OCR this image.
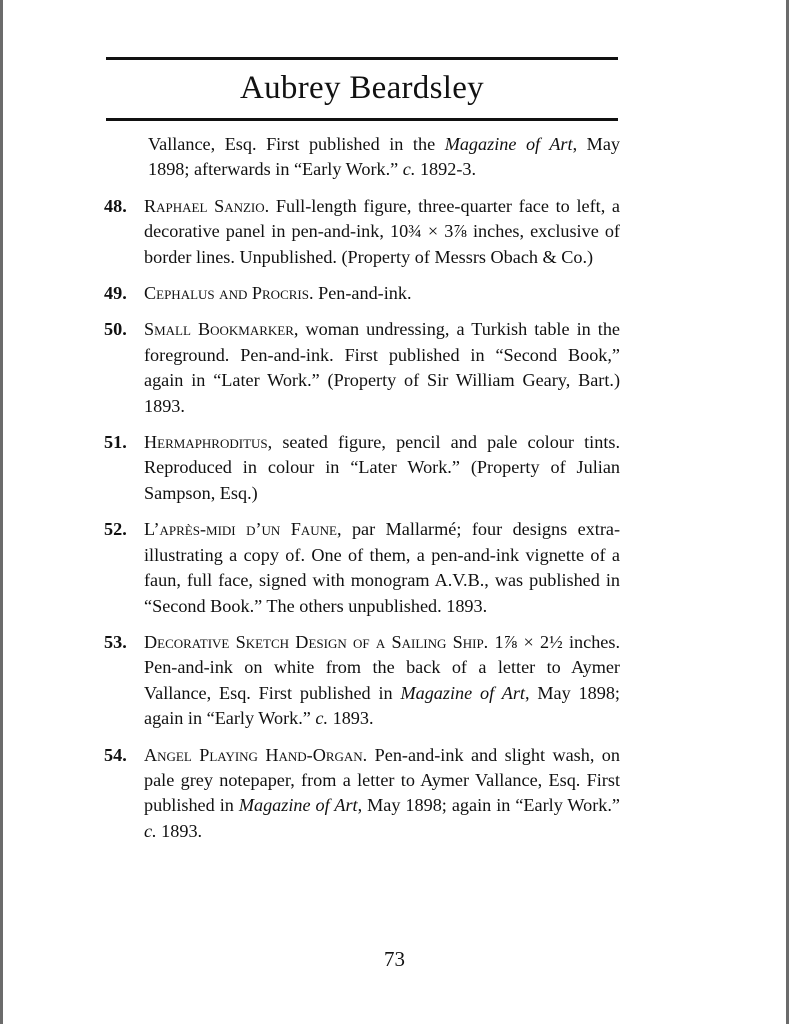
Aubrey Beardsley
Vallance, Esq. First published in the Magazine of Art, May 1898; afterwards in “Early Work.” c. 1892-3.
48. Raphael Sanzio. Full-length figure, three-quarter face to left, a decorative panel in pen-and-ink, 10¾ × 3⅞ inches, exclusive of border lines. Unpublished. (Property of Messrs Obach & Co.)
49. Cephalus and Procris. Pen-and-ink.
50. Small Bookmarker, woman undressing, a Turkish table in the foreground. Pen-and-ink. First published in “Second Book,” again in “Later Work.” (Property of Sir William Geary, Bart.) 1893.
51. Hermaphroditus, seated figure, pencil and pale colour tints. Reproduced in colour in “Later Work.” (Property of Julian Sampson, Esq.)
52. L’après-midi d’un Faune, par Mallarmé; four designs extra-illustrating a copy of. One of them, a pen-and-ink vignette of a faun, full face, signed with monogram A.V.B., was published in “Second Book.” The others unpublished. 1893.
53. Decorative Sketch Design of a Sailing Ship. 1⅞ × 2½ inches. Pen-and-ink on white from the back of a letter to Aymer Vallance, Esq. First published in Magazine of Art, May 1898; again in “Early Work.” c. 1893.
54. Angel Playing Hand-Organ. Pen-and-ink and slight wash, on pale grey notepaper, from a letter to Aymer Vallance, Esq. First published in Magazine of Art, May 1898; again in “Early Work.” c. 1893.
73
